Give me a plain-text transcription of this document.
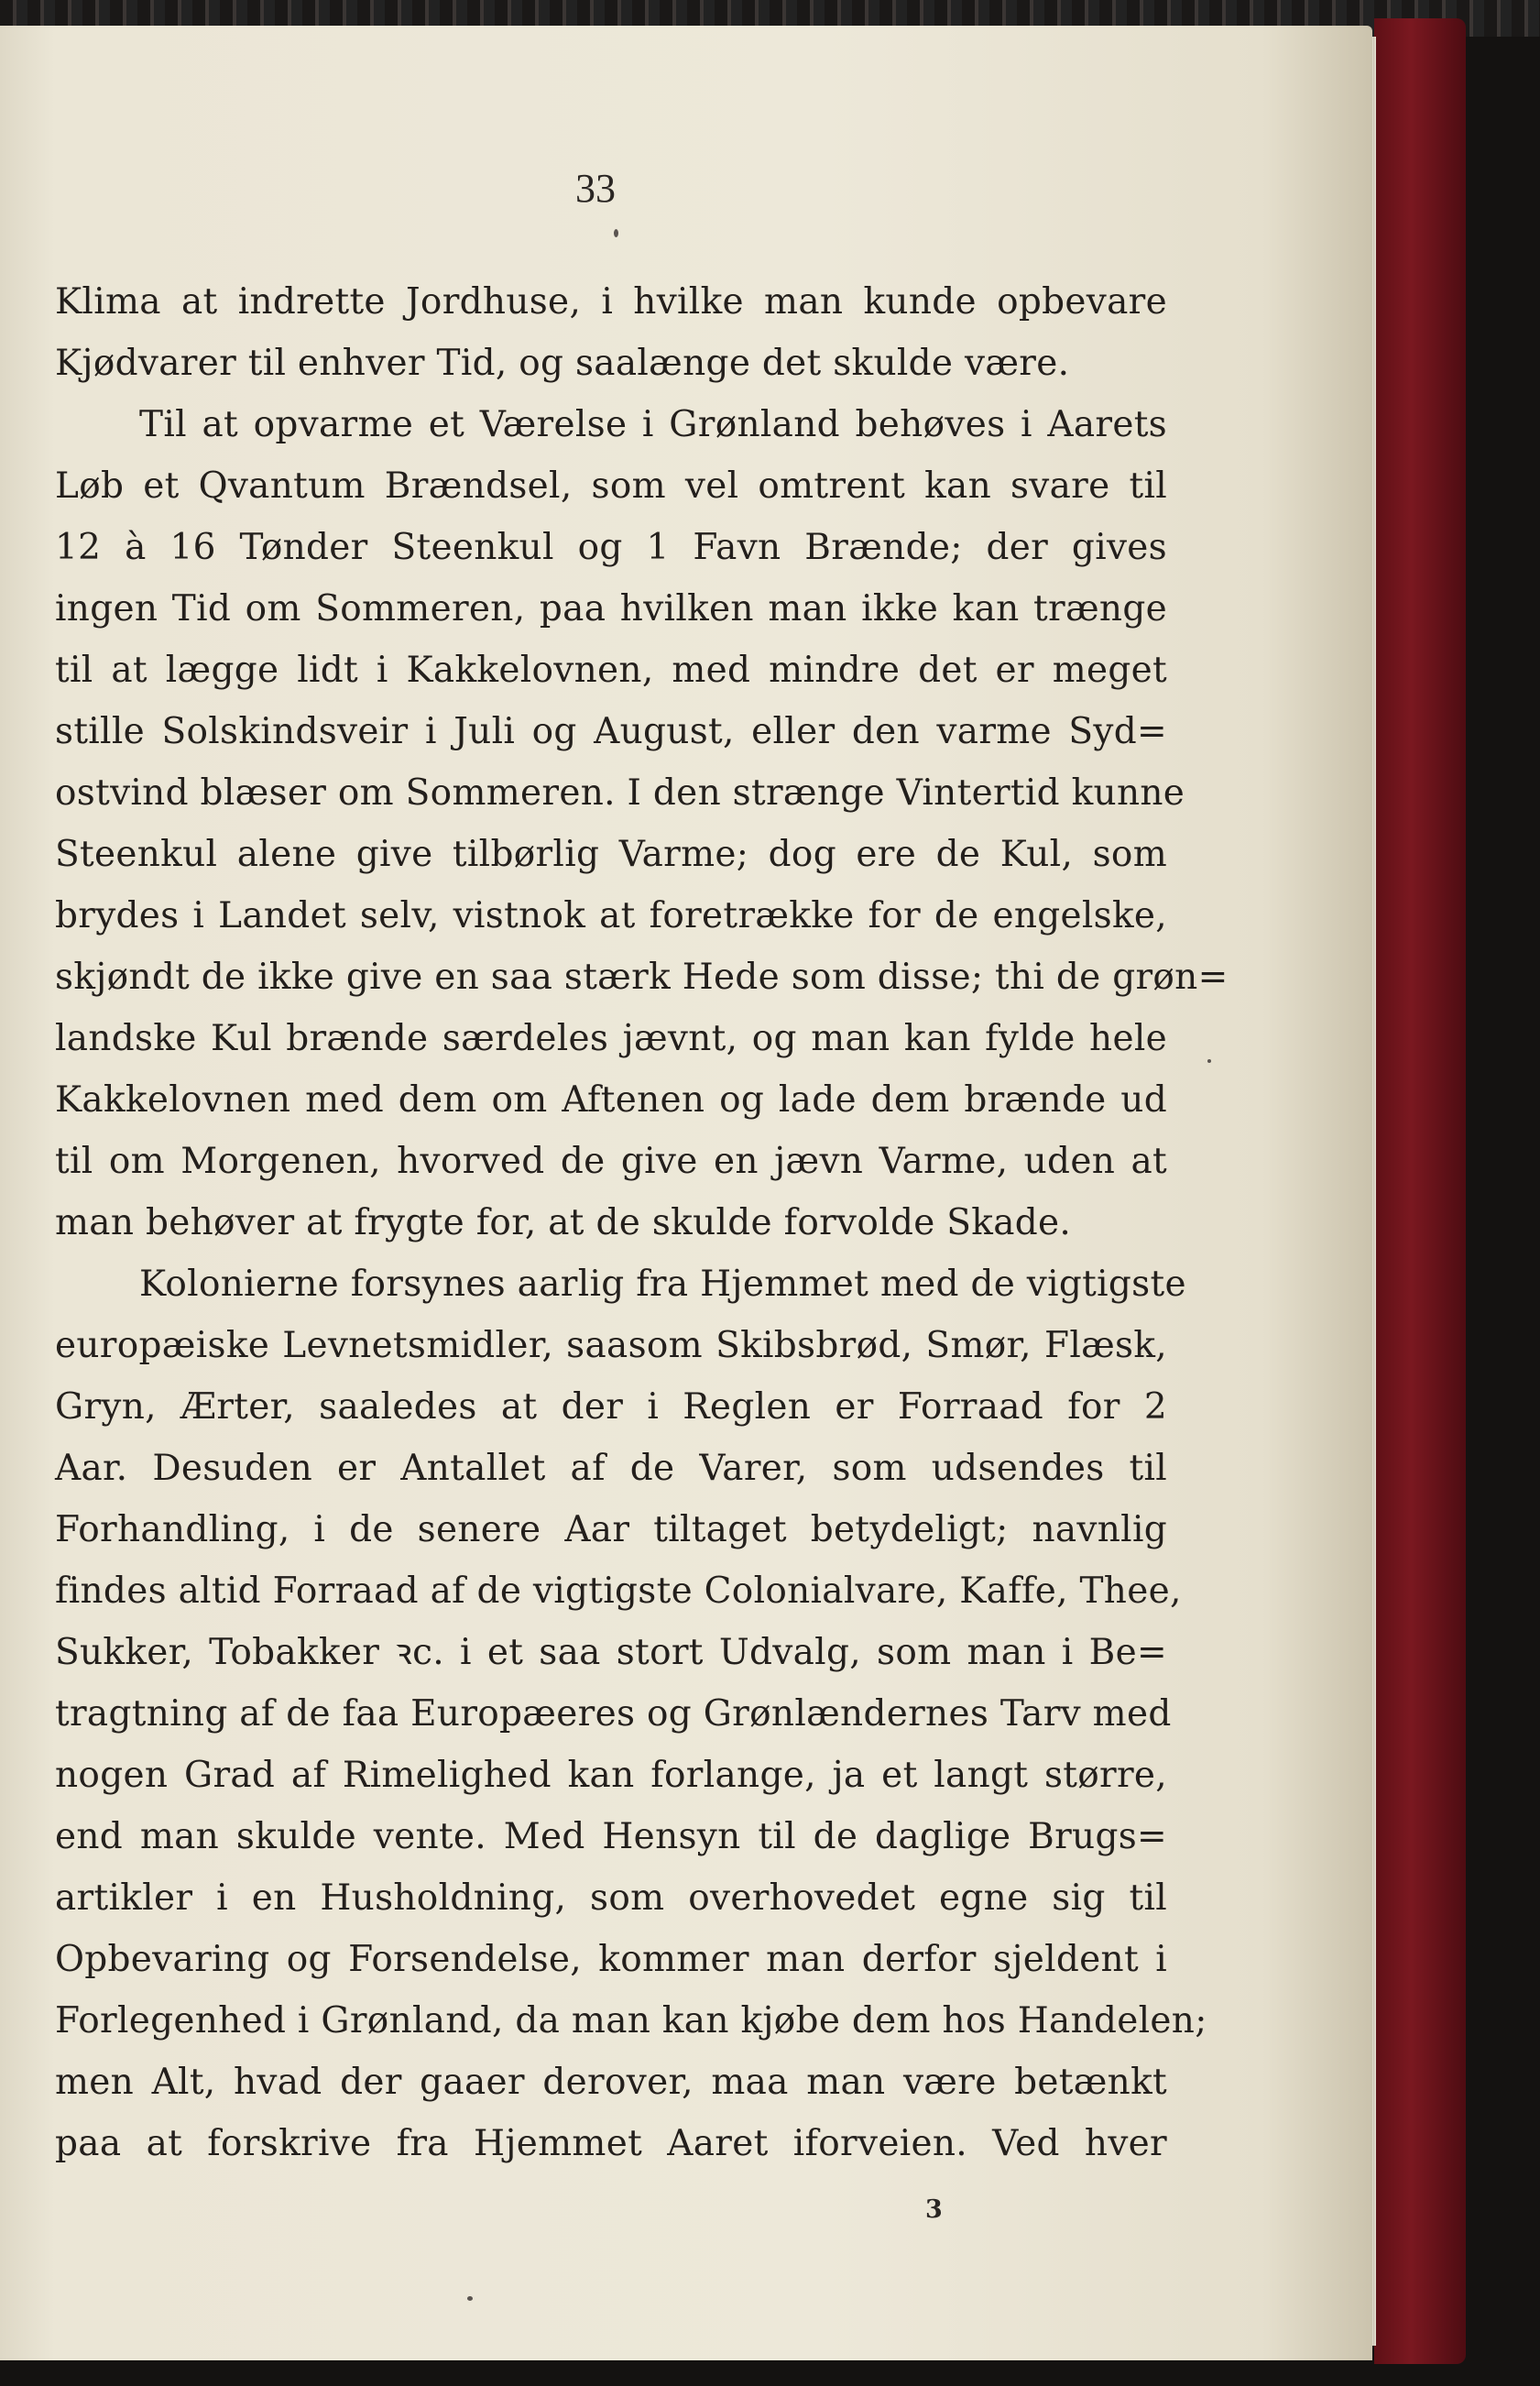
33
Klima at indrette Jordhuse, i hvilke man kunde opbevare
Kjødvarer til enhver Tid, og saalænge det skulde være.
Til at opvarme et Værelse i Grønland behøves i Aarets
Løb et Qvantum Brændsel, som vel omtrent kan svare til
12 à 16 Tønder Steenkul og 1 Favn Brænde; der gives
ingen Tid om Sommeren, paa hvilken man ikke kan trænge
til at lægge lidt i Kakkelovnen, med mindre det er meget
stille Solskindsveir i Juli og August, eller den varme Syd=
ostvind blæser om Sommeren. I den strænge Vintertid kunne
Steenkul alene give tilbørlig Varme; dog ere de Kul, som
brydes i Landet selv, vistnok at foretrække for de engelske,
skjøndt de ikke give en saa stærk Hede som disse; thi de grøn=
landske Kul brænde særdeles jævnt, og man kan fylde hele
Kakkelovnen med dem om Aftenen og lade dem brænde ud
til om Morgenen, hvorved de give en jævn Varme, uden at
man behøver at frygte for, at de skulde forvolde Skade.
Kolonierne forsynes aarlig fra Hjemmet med de vigtigste
europæiske Levnetsmidler, saasom Skibsbrød, Smør, Flæsk,
Gryn, Ærter, saaledes at der i Reglen er Forraad for 2
Aar. Desuden er Antallet af de Varer, som udsendes til
Forhandling, i de senere Aar tiltaget betydeligt; navnlig
findes altid Forraad af de vigtigste Colonialvare, Kaffe, Thee,
Sukker, Tobakker ꝛc. i et saa stort Udvalg, som man i Be=
tragtning af de faa Europæeres og Grønlændernes Tarv med
nogen Grad af Rimelighed kan forlange, ja et langt større,
end man skulde vente. Med Hensyn til de daglige Brugs=
artikler i en Husholdning, som overhovedet egne sig til
Opbevaring og Forsendelse, kommer man derfor sjeldent i
Forlegenhed i Grønland, da man kan kjøbe dem hos Handelen;
men Alt, hvad der gaaer derover, maa man være betænkt
paa at forskrive fra Hjemmet Aaret iforveien. Ved hver
3
